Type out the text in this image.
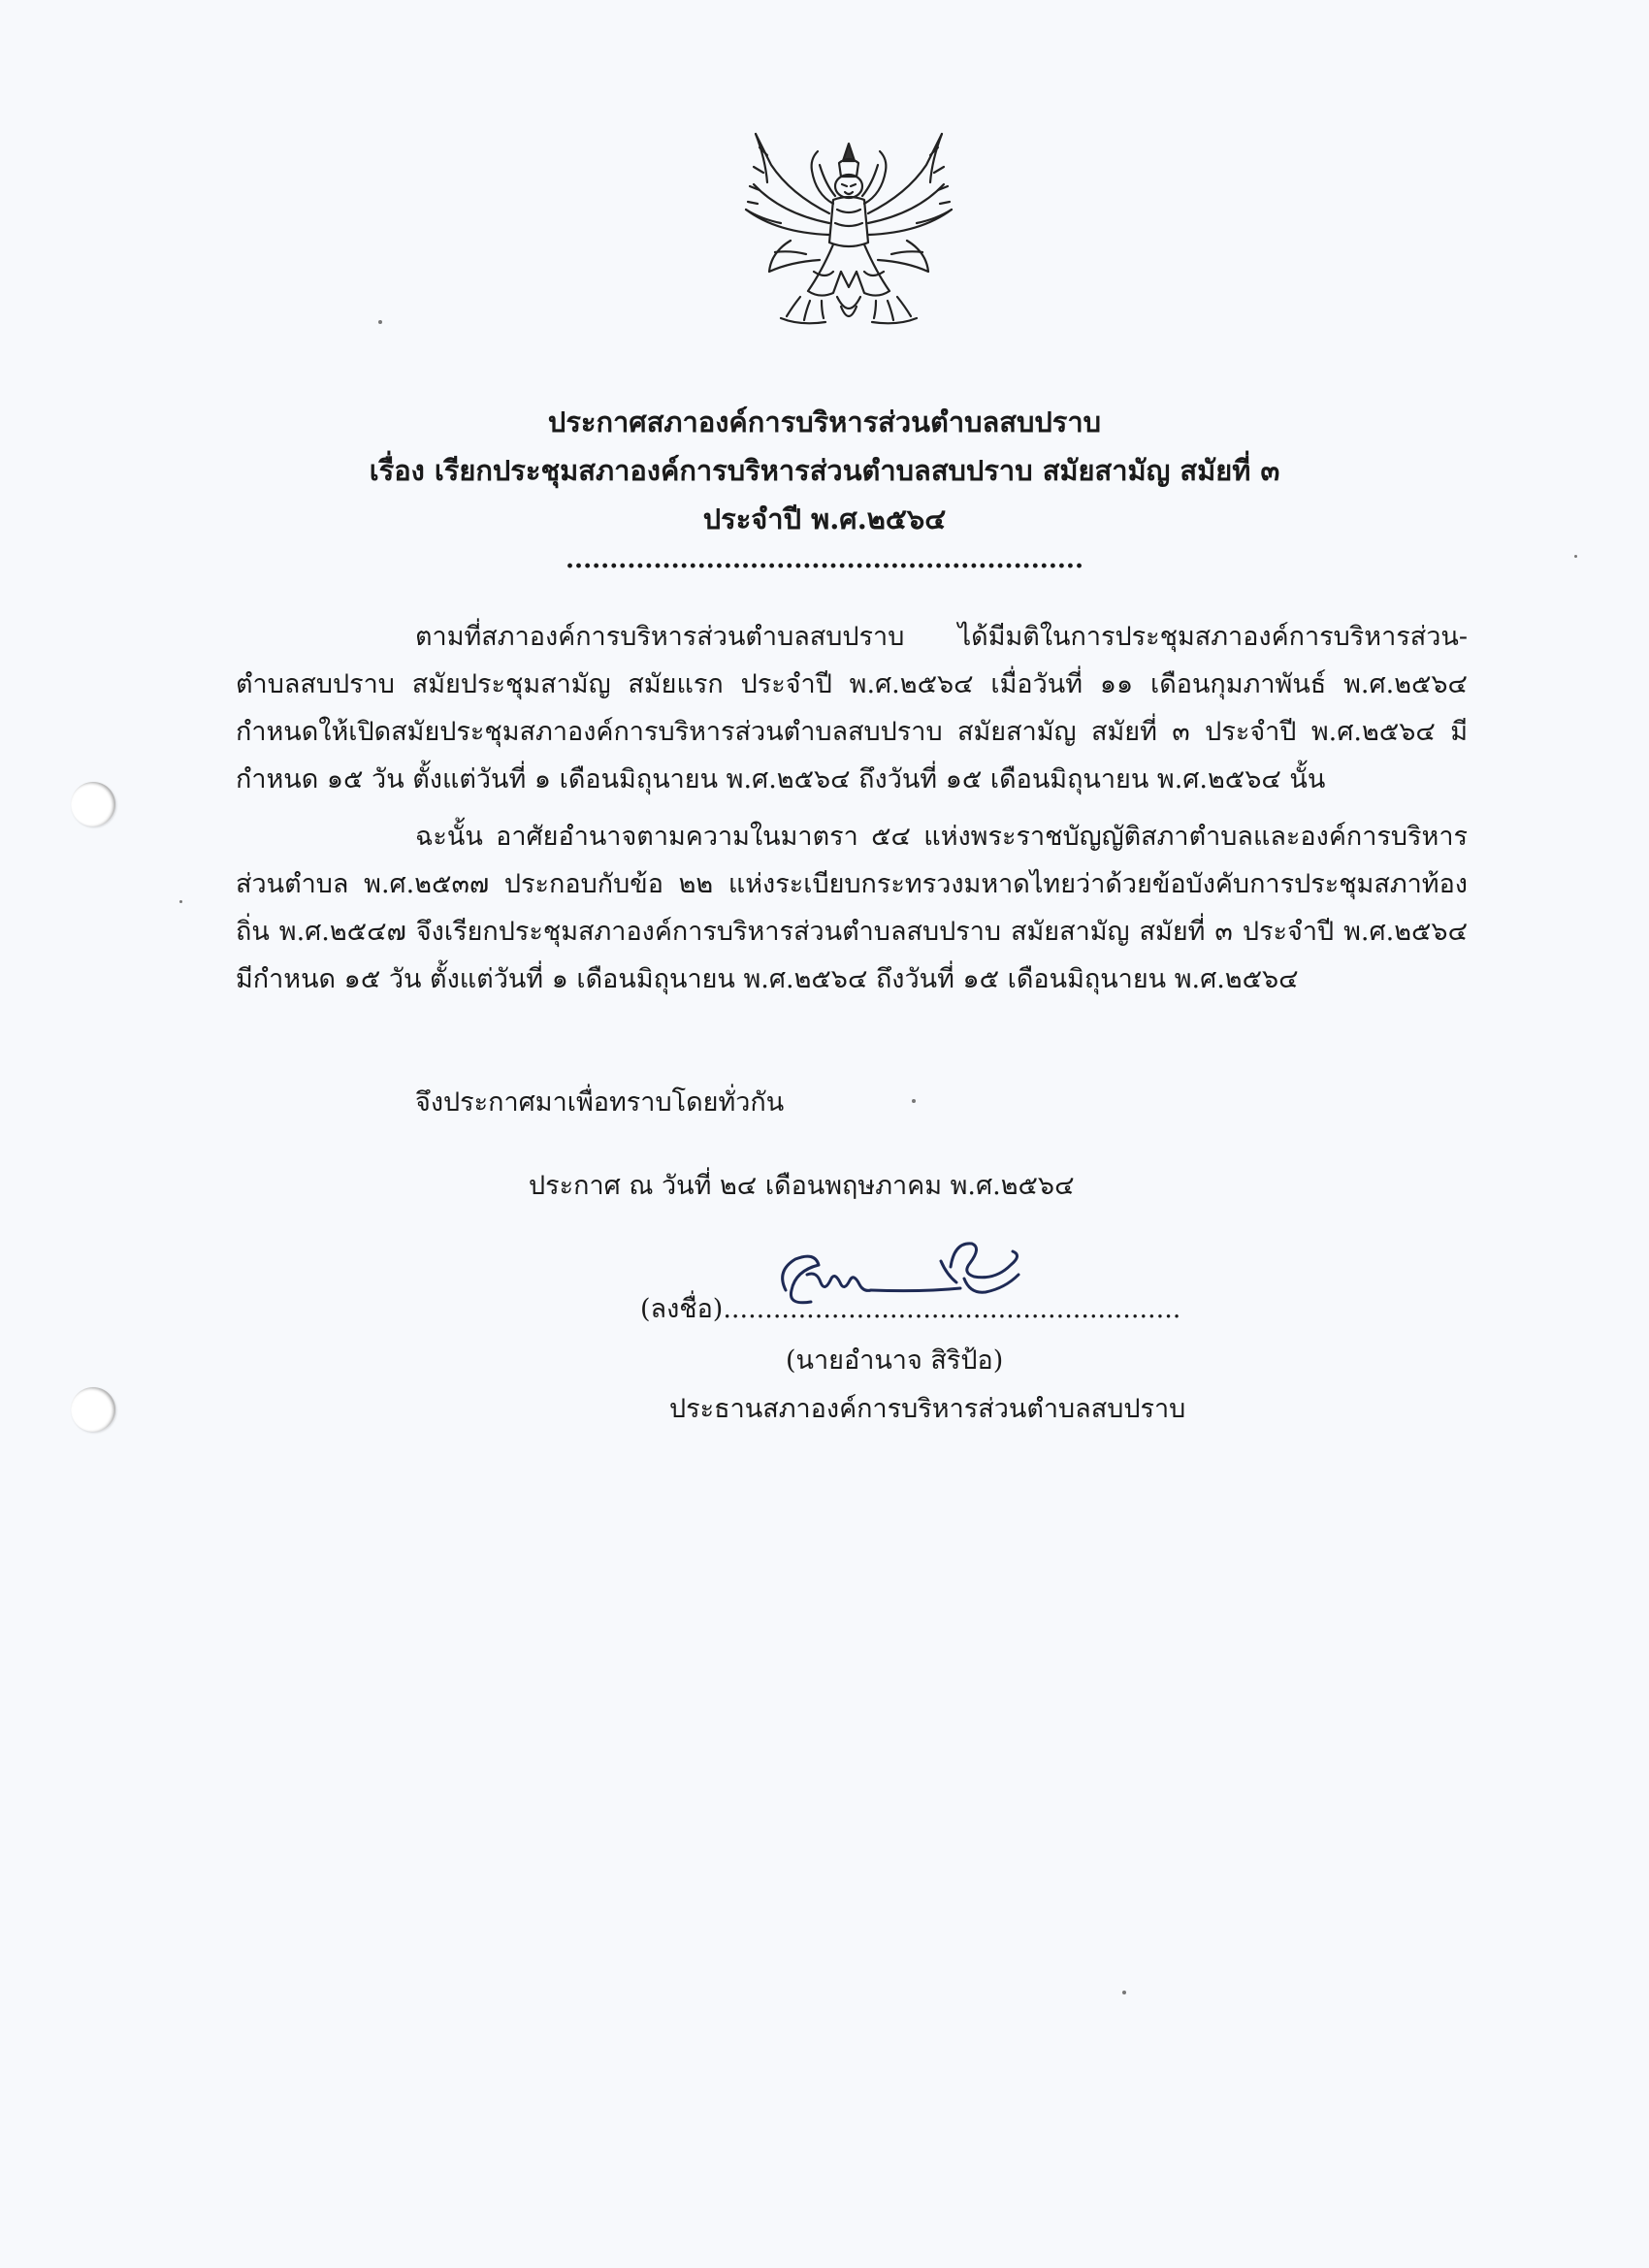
ประกาศสภาองค์การบริหารส่วนตำบลสบปราบ
เรื่อง เรียกประชุมสภาองค์การบริหารส่วนตำบลสบปราบ สมัยสามัญ สมัยที่ ๓
ประจำปี พ.ศ.๒๕๖๔
...........................................................

ตามที่สภาองค์การบริหารส่วนตำบลสบปราบ ได้มีมติในการประชุมสภาองค์การบริหารส่วน-ตำบลสบปราบ สมัยประชุมสามัญ สมัยแรก ประจำปี พ.ศ.๒๕๖๔ เมื่อวันที่ ๑๑ เดือนกุมภาพันธ์ พ.ศ.๒๕๖๔ กำหนดให้เปิดสมัยประชุมสภาองค์การบริหารส่วนตำบลสบปราบ สมัยสามัญ สมัยที่ ๓ ประจำปี พ.ศ.๒๕๖๔ มีกำหนด ๑๕ วัน ตั้งแต่วันที่ ๑ เดือนมิถุนายน พ.ศ.๒๕๖๔ ถึงวันที่ ๑๕ เดือนมิถุนายน พ.ศ.๒๕๖๔ นั้น

ฉะนั้น อาศัยอำนาจตามความในมาตรา ๕๔ แห่งพระราชบัญญัติสภาตำบลและองค์การบริหารส่วนตำบล พ.ศ.๒๕๓๗ ประกอบกับข้อ ๒๒ แห่งระเบียบกระทรวงมหาดไทยว่าด้วยข้อบังคับการประชุมสภาท้องถิ่น พ.ศ.๒๕๔๗ จึงเรียกประชุมสภาองค์การบริหารส่วนตำบลสบปราบ สมัยสามัญ สมัยที่ ๓ ประจำปี พ.ศ.๒๕๖๔ มีกำหนด ๑๕ วัน ตั้งแต่วันที่ ๑ เดือนมิถุนายน พ.ศ.๒๕๖๔ ถึงวันที่ ๑๕ เดือนมิถุนายน พ.ศ.๒๕๖๔

จึงประกาศมาเพื่อทราบโดยทั่วกัน

ประกาศ ณ วันที่ ๒๔ เดือนพฤษภาคม พ.ศ.๒๕๖๔
(ลงชื่อ).......................................................
(นายอำนาจ สิริป้อ)
ประธานสภาองค์การบริหารส่วนตำบลสบปราบ
